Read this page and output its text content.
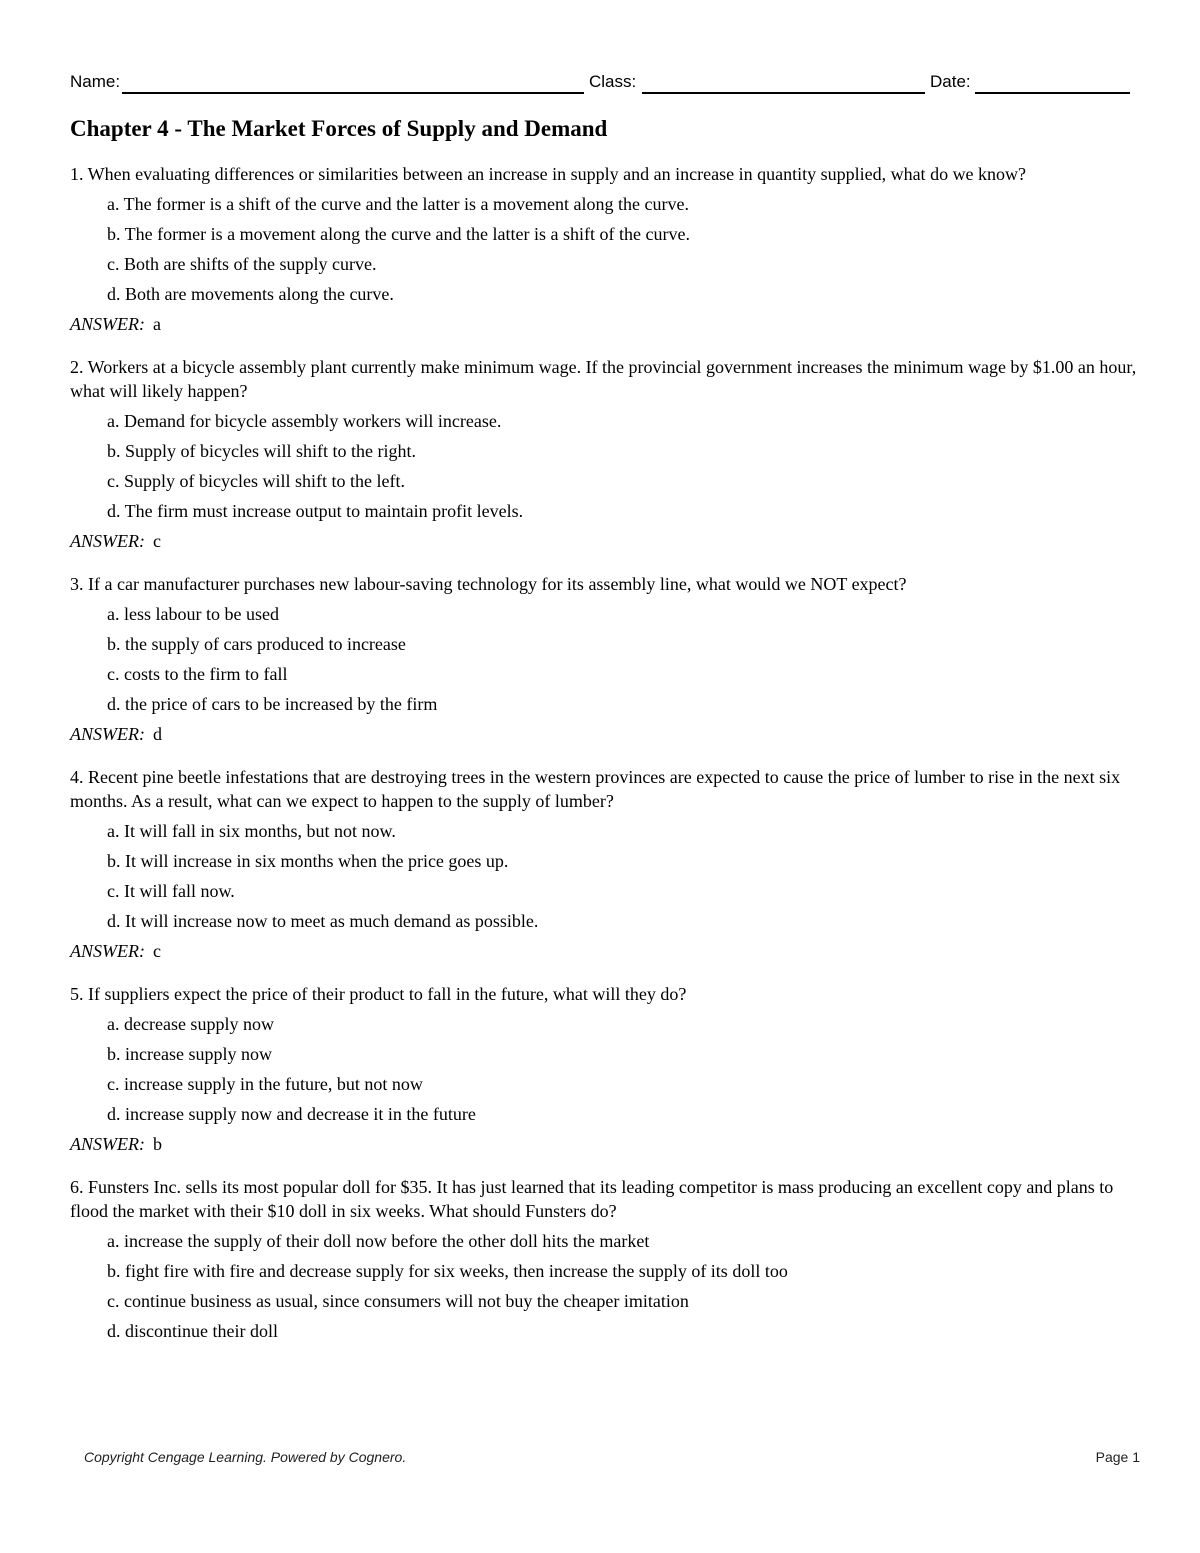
Name:	Class:	Date:
Chapter 4 - The Market Forces of Supply and Demand

1. When evaluating differences or similarities between an increase in supply and an increase in quantity supplied, what do we know?

a. The former is a shift of the curve and the latter is a movement along the curve.

b. The former is a movement along the curve and the latter is a shift of the curve.

c. Both are shifts of the supply curve.

d. Both are movements along the curve.

ANSWER: a

2. Workers at a bicycle assembly plant currently make minimum wage. If the provincial government increases the minimum wage by $1.00 an hour, what will likely happen?

a. Demand for bicycle assembly workers will increase.

b. Supply of bicycles will shift to the right.

c. Supply of bicycles will shift to the left.

d. The firm must increase output to maintain profit levels.

ANSWER: c

3. If a car manufacturer purchases new labour-saving technology for its assembly line, what would we NOT expect?

a. less labour to be used

b. the supply of cars produced to increase

c. costs to the firm to fall

d. the price of cars to be increased by the firm

ANSWER: d

4. Recent pine beetle infestations that are destroying trees in the western provinces are expected to cause the price of lumber to rise in the next six months. As a result, what can we expect to happen to the supply of lumber?

a. It will fall in six months, but not now.

b. It will increase in six months when the price goes up.

c. It will fall now.

d. It will increase now to meet as much demand as possible.

ANSWER: c

5. If suppliers expect the price of their product to fall in the future, what will they do?

a. decrease supply now

b. increase supply now

c. increase supply in the future, but not now

d. increase supply now and decrease it in the future

ANSWER: b

6. Funsters Inc. sells its most popular doll for $35. It has just learned that its leading competitor is mass producing an excellent copy and plans to flood the market with their $10 doll in six weeks. What should Funsters do?

a. increase the supply of their doll now before the other doll hits the market

b. fight fire with fire and decrease supply for six weeks, then increase the supply of its doll too

c. continue business as usual, since consumers will not buy the cheaper imitation

d. discontinue their doll

Copyright Cengage Learning. Powered by Cognero.	Page 1
